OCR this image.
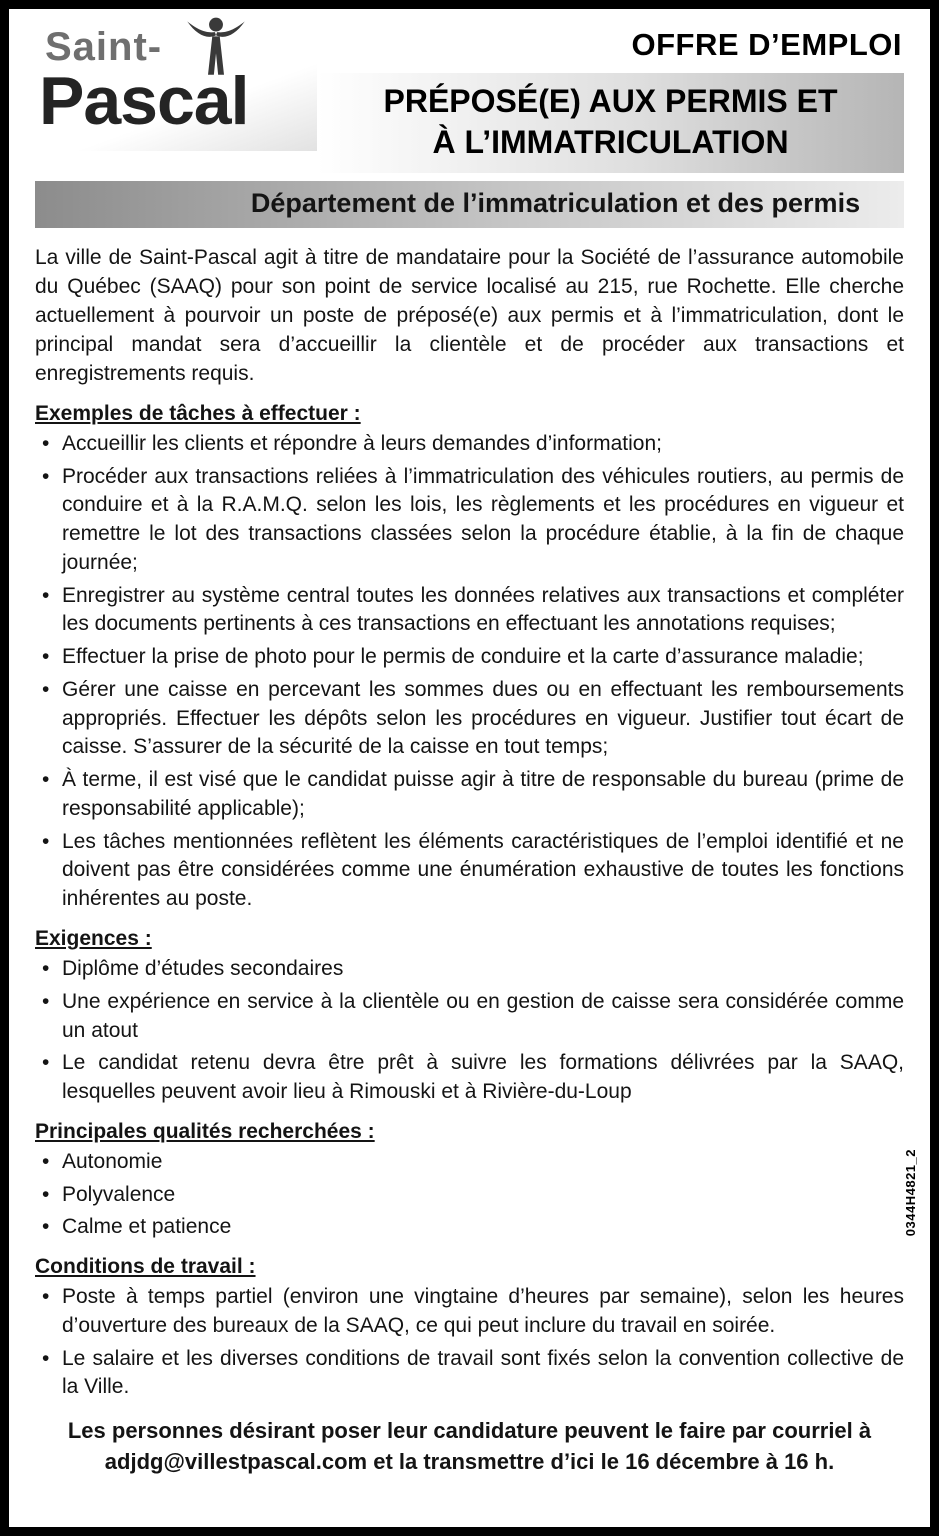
Saint-
Pascal
OFFRE D’EMPLOI
PRÉPOSÉ(E) AUX PERMIS ET
À L’IMMATRICULATION
Département de l’immatriculation et des permis

La ville de Saint-Pascal agit à titre de mandataire pour la Société de l’assurance automobile du Québec (SAAQ) pour son point de service localisé au 215, rue Rochette. Elle cherche actuellement à pourvoir un poste de préposé(e) aux permis et à l’immatriculation, dont le principal mandat sera d’accueillir la clientèle et de procéder aux transactions et enregistrements requis.

Exemples de tâches à effectuer :
• Accueillir les clients et répondre à leurs demandes d’information;
• Procéder aux transactions reliées à l’immatriculation des véhicules routiers, au permis de conduire et à la R.A.M.Q. selon les lois, les règlements et les procédures en vigueur et remettre le lot des transactions classées selon la procédure établie, à la fin de chaque journée;
• Enregistrer au système central toutes les données relatives aux transactions et compléter les documents pertinents à ces transactions en effectuant les annotations requises;
• Effectuer la prise de photo pour le permis de conduire et la carte d’assurance maladie;
• Gérer une caisse en percevant les sommes dues ou en effectuant les remboursements appropriés. Effectuer les dépôts selon les procédures en vigueur. Justifier tout écart de caisse. S’assurer de la sécurité de la caisse en tout temps;
• À terme, il est visé que le candidat puisse agir à titre de responsable du bureau (prime de responsabilité applicable);
• Les tâches mentionnées reflètent les éléments caractéristiques de l’emploi identifié et ne doivent pas être considérées comme une énumération exhaustive de toutes les fonctions inhérentes au poste.
Exigences :
• Diplôme d’études secondaires
• Une expérience en service à la clientèle ou en gestion de caisse sera considérée comme un atout
• Le candidat retenu devra être prêt à suivre les formations délivrées par la SAAQ, lesquelles peuvent avoir lieu à Rimouski et à Rivière-du-Loup
Principales qualités recherchées :
• Autonomie
• Polyvalence
• Calme et patience
Conditions de travail :
• Poste à temps partiel (environ une vingtaine d’heures par semaine), selon les heures d’ouverture des bureaux de la SAAQ, ce qui peut inclure du travail en soirée.
• Le salaire et les diverses conditions de travail sont fixés selon la convention collective de la Ville.
Les personnes désirant poser leur candidature peuvent le faire par courriel à
adjdg@villestpascal.com et la transmettre d’ici le 16 décembre à 16 h.
0344H4821_2
